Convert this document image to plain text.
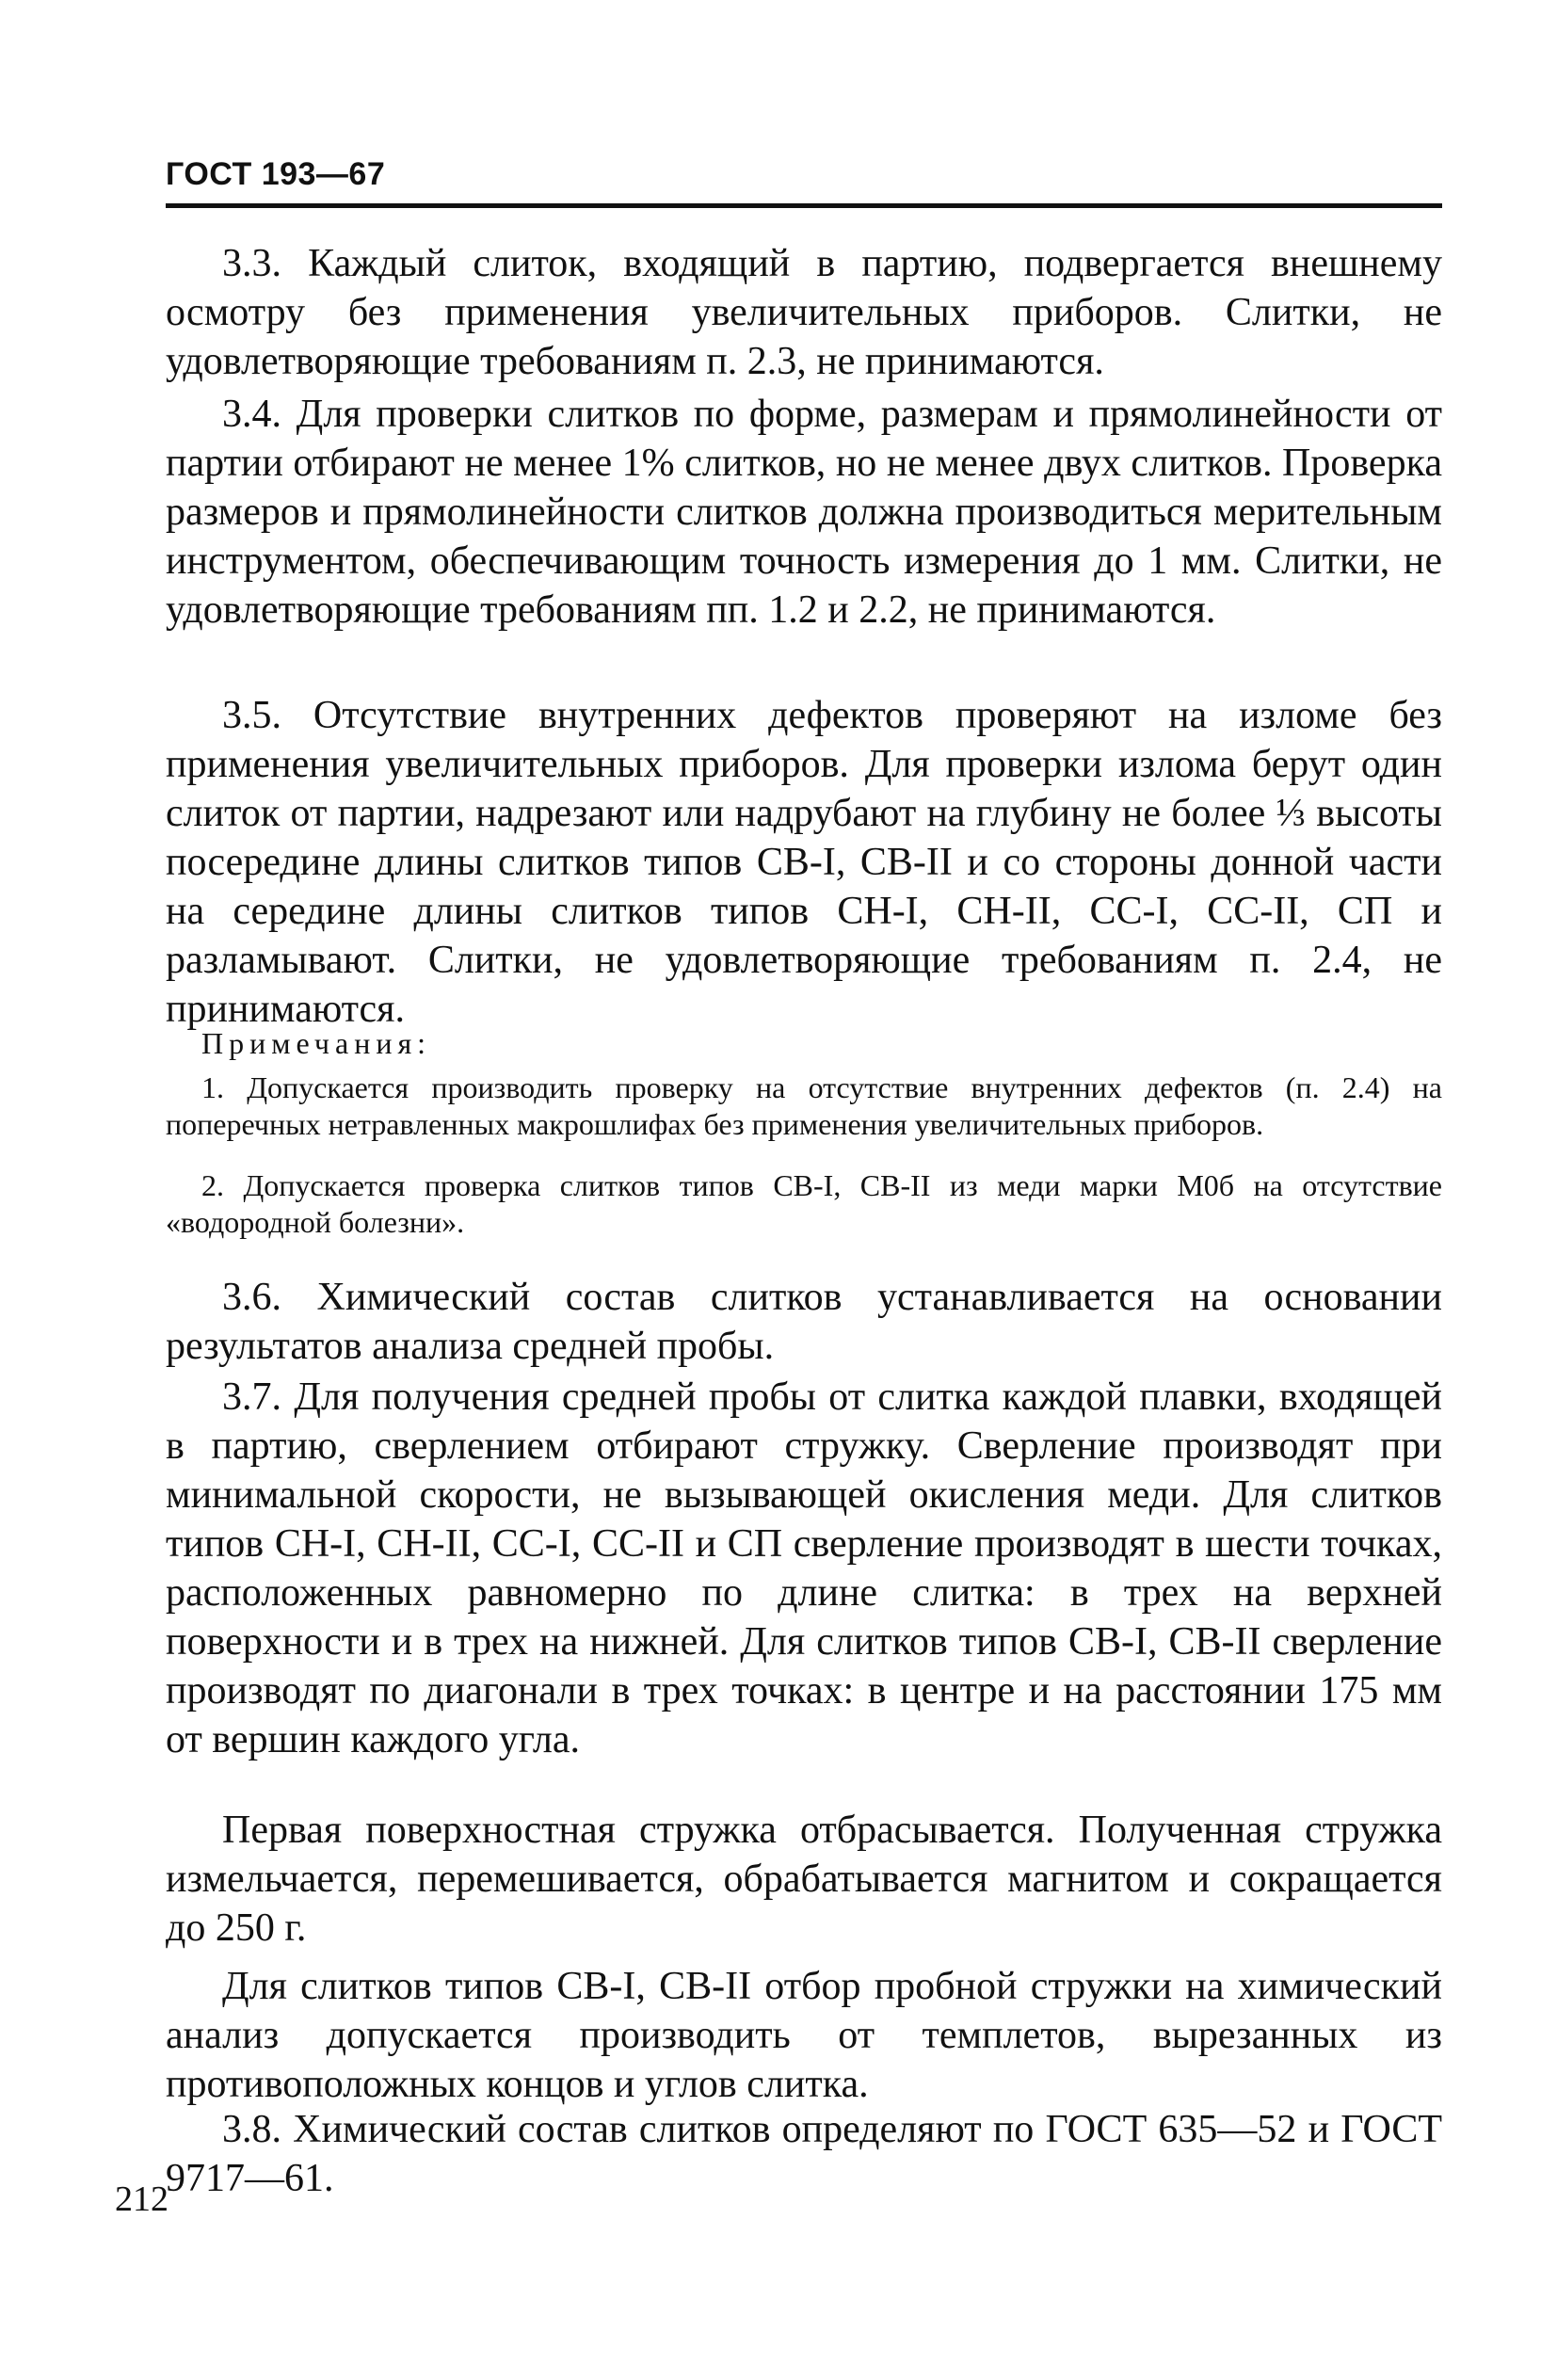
ГОСТ 193—67

3.3. Каждый слиток, входящий в партию, подвергается внешнему осмотру без применения увеличительных приборов. Слитки, не удовлетворяющие требованиям п. 2.3, не принимаются.

3.4. Для проверки слитков по форме, размерам и прямолинейности от партии отбирают не менее 1% слитков, но не менее двух слитков. Проверка размеров и прямолинейности слитков должна производиться мерительным инструментом, обеспечивающим точность измерения до 1 мм. Слитки, не удовлетворяющие требованиям пп. 1.2 и 2.2, не принимаются.

3.5. Отсутствие внутренних дефектов проверяют на изломе без применения увеличительных приборов. Для проверки излома берут один слиток от партии, надрезают или надрубают на глубину не более ⅓ высоты посередине длины слитков типов СВ-I, СВ-II и со стороны донной части на середине длины слитков типов СН-I, СН-II, СС-I, СС-II, СП и разламывают. Слитки, не удовлетворяющие требованиям п. 2.4, не принимаются.

Примечания:

1. Допускается производить проверку на отсутствие внутренних дефектов (п. 2.4) на поперечных нетравленных макрошлифах без применения увеличительных приборов.

2. Допускается проверка слитков типов СВ-I, СВ-II из меди марки М0б на отсутствие «водородной болезни».

3.6. Химический состав слитков устанавливается на основании результатов анализа средней пробы.

3.7. Для получения средней пробы от слитка каждой плавки, входящей в партию, сверлением отбирают стружку. Сверление производят при минимальной скорости, не вызывающей окисления меди. Для слитков типов СН-I, СН-II, СС-I, СС-II и СП сверление производят в шести точках, расположенных равномерно по длине слитка: в трех на верхней поверхности и в трех на нижней. Для слитков типов СВ-I, СВ-II сверление производят по диагонали в трех точках: в центре и на расстоянии 175 мм от вершин каждого угла.

Первая поверхностная стружка отбрасывается. Полученная стружка измельчается, перемешивается, обрабатывается магнитом и сокращается до 250 г.

Для слитков типов СВ-I, СВ-II отбор пробной стружки на химический анализ допускается производить от темплетов, вырезанных из противоположных концов и углов слитка.

3.8. Химический состав слитков определяют по ГОСТ 635—52 и ГОСТ 9717—61.

212
